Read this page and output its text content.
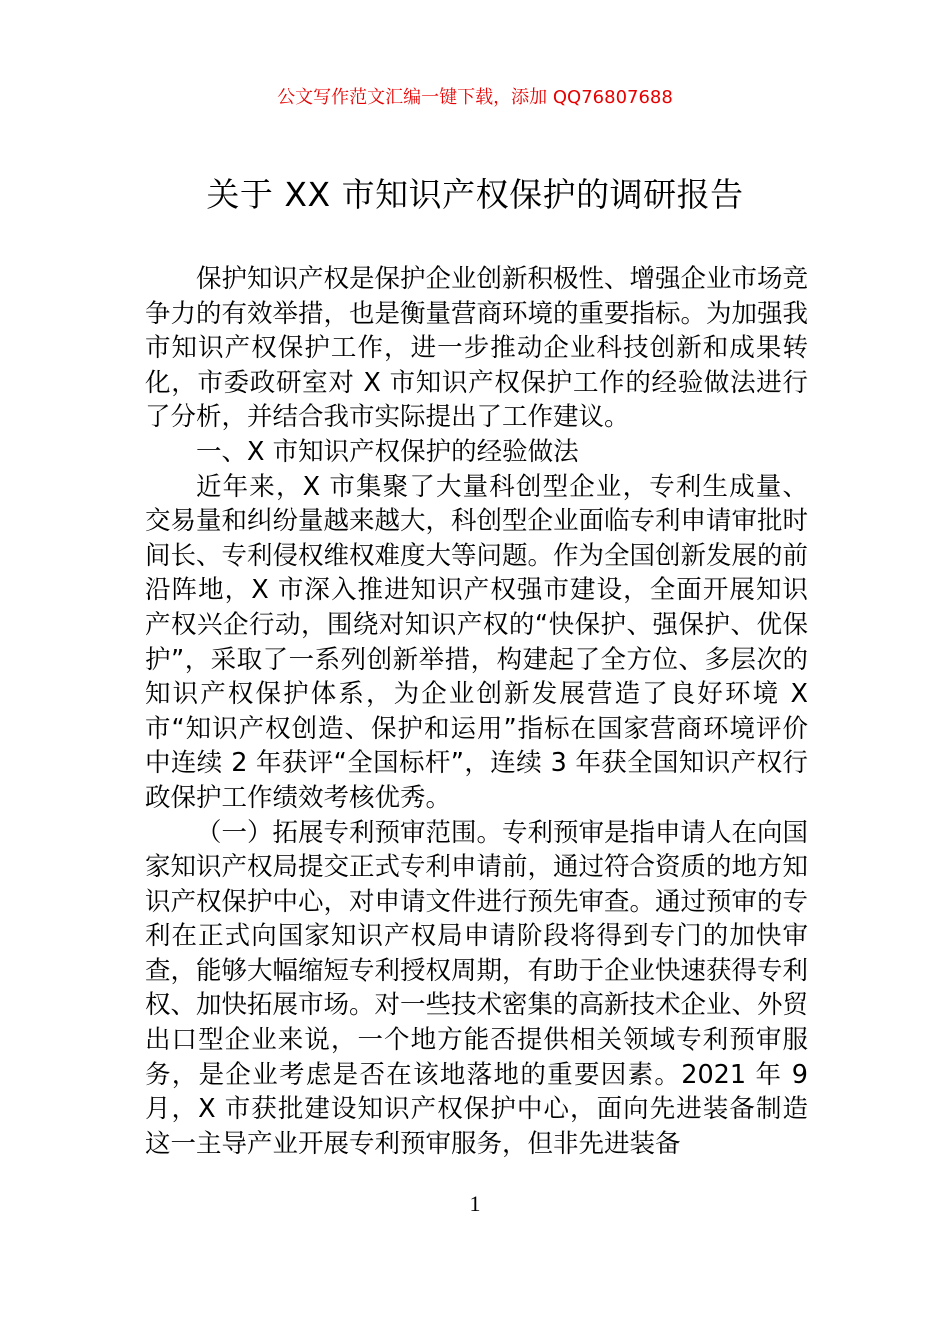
公文写作范文汇编一键下载，添加 QQ76807688
关于 XX 市知识产权保护的调研报告

保护知识产权是保护企业创新积极性、增强企业市场竞争力的有效举措，也是衡量营商环境的重要指标。为加强我市知识产权保护工作，进一步推动企业科技创新和成果转化，市委政研室对 X 市知识产权保护工作的经验做法进行了分析，并结合我市实际提出了工作建议。

一、X 市知识产权保护的经验做法

近年来，X 市集聚了大量科创型企业，专利生成量、交易量和纠纷量越来越大，科创型企业面临专利申请审批时间长、专利侵权维权难度大等问题。作为全国创新发展的前沿阵地，X 市深入推进知识产权强市建设，全面开展知识产权兴企行动，围绕对知识产权的“快保护、强保护、优保护”，采取了一系列创新举措，构建起了全方位、多层次的知识产权保护体系，为企业创新发展营造了良好环境 X 市“知识产权创造、保护和运用”指标在国家营商环境评价中连续 2 年获评“全国标杆”，连续 3 年获全国知识产权行政保护工作绩效考核优秀。

（一）拓展专利预审范围。专利预审是指申请人在向国家知识产权局提交正式专利申请前，通过符合资质的地方知识产权保护中心，对申请文件进行预先审查。通过预审的专利在正式向国家知识产权局申请阶段将得到专门的加快审查，能够大幅缩短专利授权周期，有助于企业快速获得专利权、加快拓展市场。对一些技术密集的高新技术企业、外贸出口型企业来说，一个地方能否提供相关领域专利预审服务，是企业考虑是否在该地落地的重要因素。2021 年 9 月，X 市获批建设知识产权保护中心，面向先进装备制造这一主导产业开展专利预审服务，但非先进装备

1
